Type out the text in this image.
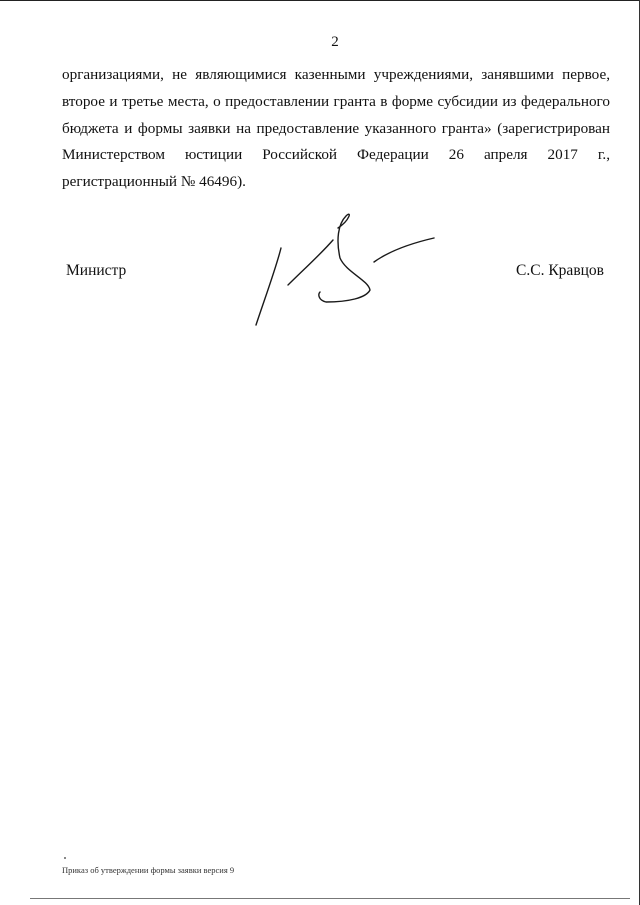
2
организациями, не являющимися казенными учреждениями, занявшими первое,
второе и третье места, о предоставлении гранта в форме субсидии из федерального
бюджета и формы заявки на предоставление указанного гранта» (зарегистрирован
Министерством юстиции Российской Федерации 26 апреля 2017 г.,
регистрационный № 46496).
Министр	С.С. Кравцов
Приказ об утверждении формы заявки версия 9
